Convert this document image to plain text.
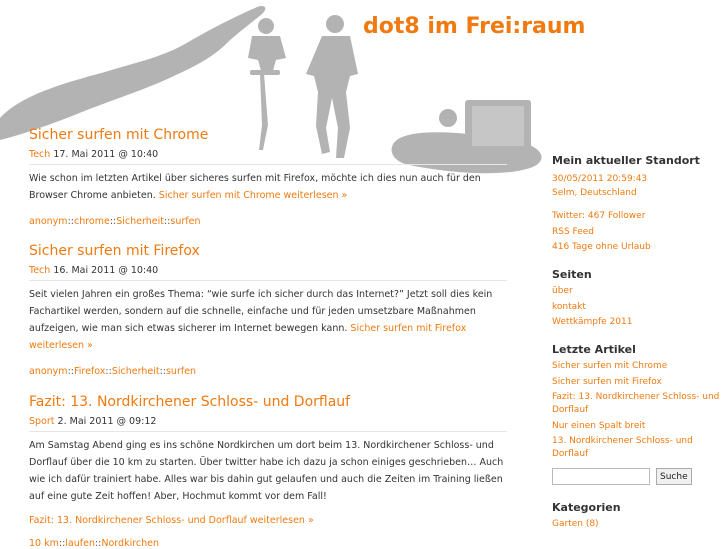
dot8 im Frei:raum
Sicher surfen mit Chrome
Tech 17. Mai 2011 @ 10:40
Wie schon im letzten Artikel über sicheres surfen mit Firefox, möchte ich dies nun auch für den Browser Chrome anbieten. Sicher surfen mit Chrome weiterlesen »
anonym::chrome::Sicherheit::surfen
Sicher surfen mit Firefox
Tech 16. Mai 2011 @ 10:40
Seit vielen Jahren ein großes Thema: “wie surfe ich sicher durch das Internet?” Jetzt soll dies kein Fachartikel werden, sondern auf die schnelle, einfache und für jeden umsetzbare Maßnahmen aufzeigen, wie man sich etwas sicherer im Internet bewegen kann. Sicher surfen mit Firefox weiterlesen »
anonym::Firefox::Sicherheit::surfen
Fazit: 13. Nordkirchener Schloss- und Dorflauf
Sport 2. Mai 2011 @ 09:12
Am Samstag Abend ging es ins schöne Nordkirchen um dort beim 13. Nordkirchener Schloss- und Dorflauf über die 10 km zu starten. Über twitter habe ich dazu ja schon einiges geschrieben… Auch wie ich dafür trainiert habe. Alles war bis dahin gut gelaufen und auch die Zeiten im Training ließen auf eine gute Zeit hoffen! Aber, Hochmut kommt vor dem Fall!
Fazit: 13. Nordkirchener Schloss- und Dorflauf weiterlesen »
10 km::laufen::Nordkirchen
Mein aktueller Standort
30/05/2011 20:59:43
Selm, Deutschland
Twitter: 467 Follower
RSS Feed
416 Tage ohne Urlaub
Seiten
über
kontakt
Wettkämpfe 2011
Letzte Artikel
Sicher surfen mit Chrome
Sicher surfen mit Firefox
Fazit: 13. Nordkirchener Schloss- und Dorflauf
Nur einen Spalt breit
13. Nordkirchener Schloss- und Dorflauf
Suche
Kategorien
Garten (8)
